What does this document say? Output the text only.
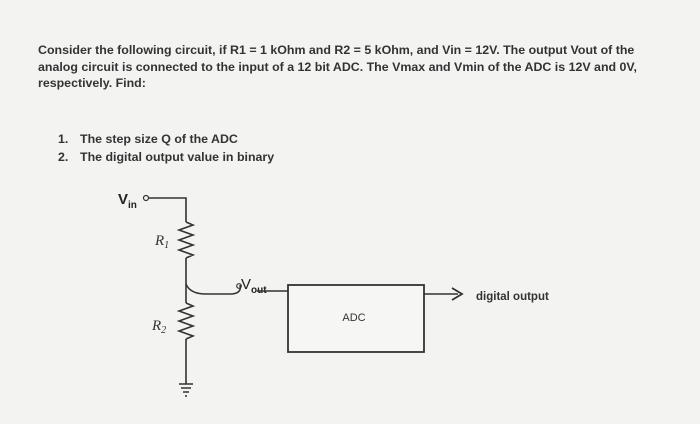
Consider the following circuit, if R1 = 1 kOhm and R2 = 5 kOhm, and Vin = 12V. The output Vout of the

analog circuit is connected to the input of a 12 bit ADC. The Vmax and Vmin of the ADC is 12V and 0V,

respectively. Find:

1. The step size Q of the ADC
2. The digital output value in binary
$V_{in}$
$R_1$
$V_{out}$
$R_2$
ADC
digital output
